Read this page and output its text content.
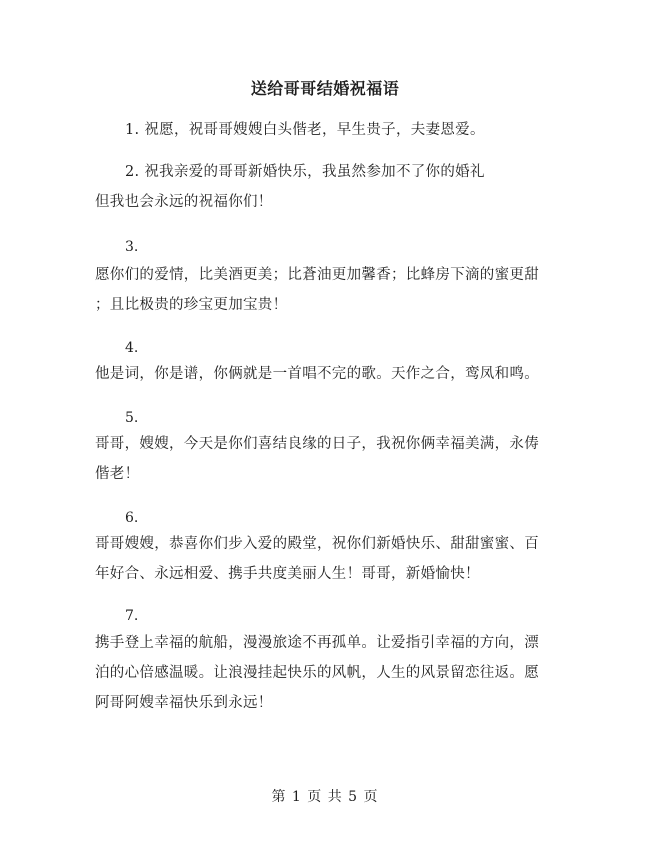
送给哥哥结婚祝福语
1. 祝愿，祝哥哥嫂嫂白头偕老，早生贵子，夫妻恩爱。
2. 祝我亲爱的哥哥新婚快乐，我虽然参加不了你的婚礼
但我也会永远的祝福你们！
3.
愿你们的爱情，比美酒更美；比蒼油更加馨香；比蜂房下滴的蜜更甜
；且比极贵的珍宝更加宝贵！
4.
他是词，你是谱，你俩就是一首唱不完的歌。天作之合，鸾凤和鸣。
5.
哥哥，嫂嫂，今天是你们喜结良缘的日子，我祝你俩幸福美满，永俦
偕老！
6.
哥哥嫂嫂，恭喜你们步入爱的殿堂，祝你们新婚快乐、甜甜蜜蜜、百
年好合、永远相爱、携手共度美丽人生！哥哥，新婚愉快！
7.
携手登上幸福的航船，漫漫旅途不再孤单。让爱指引幸福的方向，漂
泊的心倍感温暖。让浪漫挂起快乐的风帆，人生的风景留恋往返。愿
阿哥阿嫂幸福快乐到永远！
第 1 页 共 5 页
